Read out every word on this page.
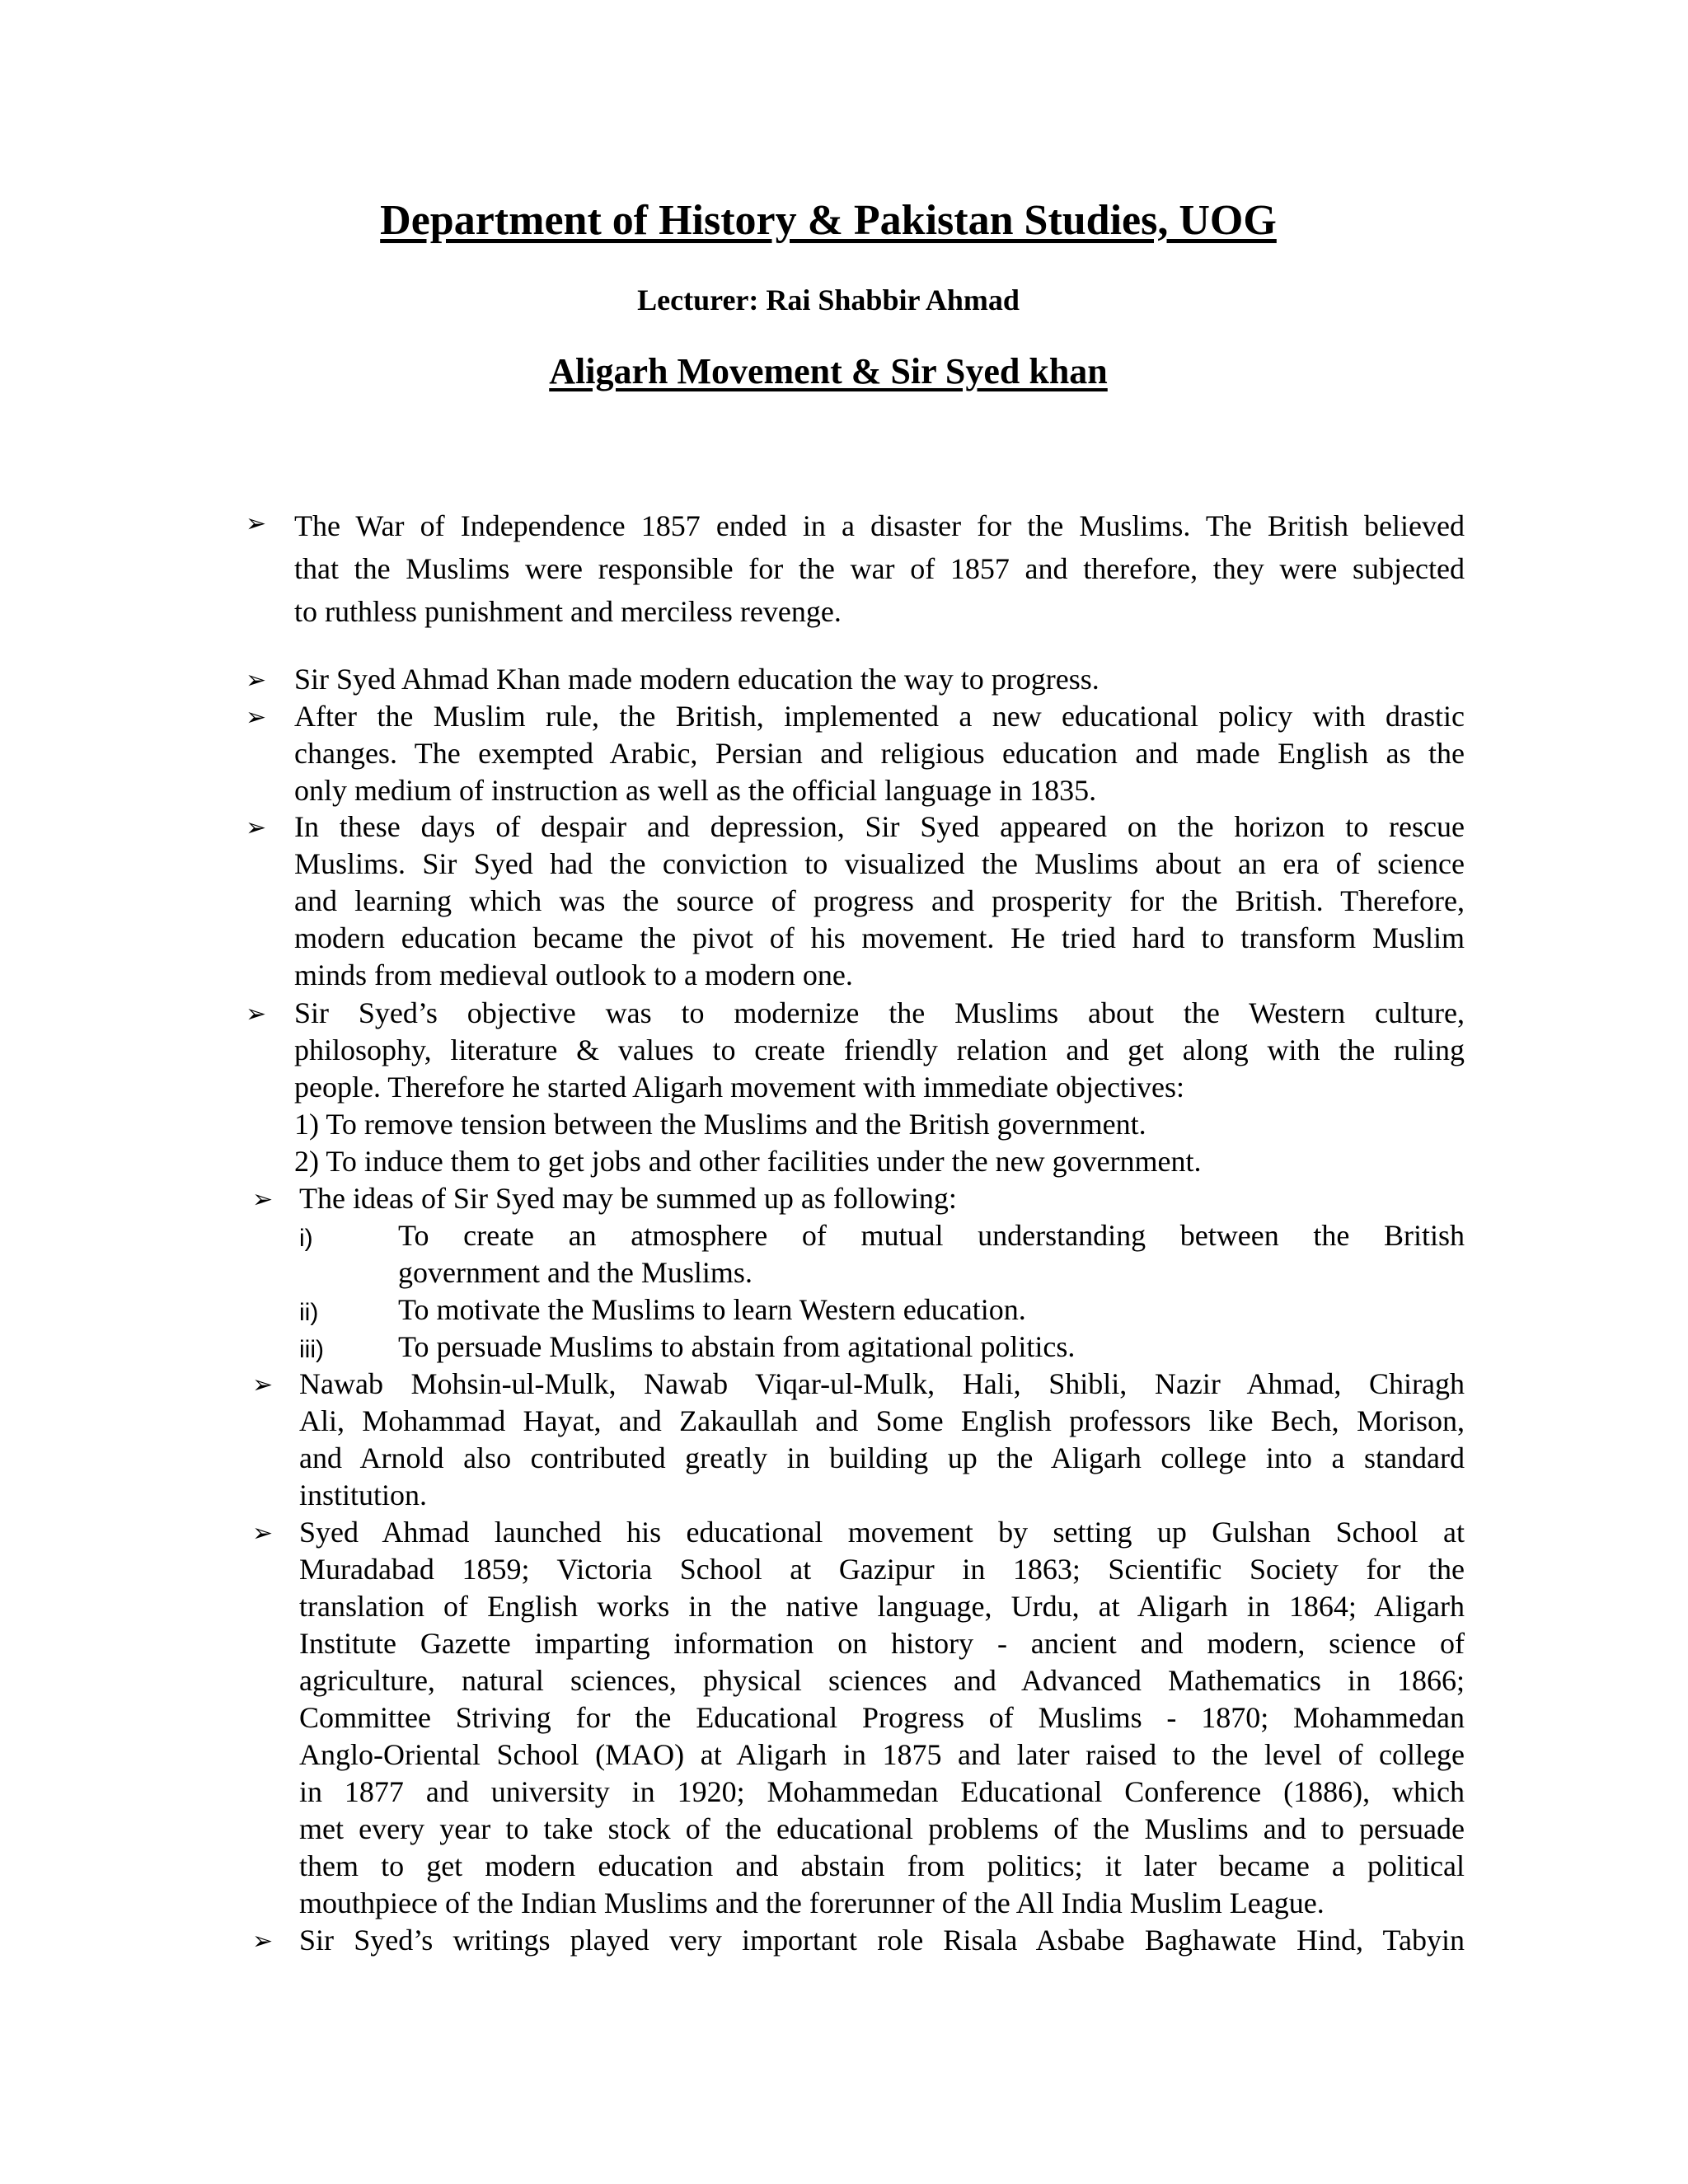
Department of History & Pakistan Studies, UOG
Lecturer: Rai Shabbir Ahmad
Aligarh Movement & Sir Syed khan
➢ The War of Independence 1857 ended in a disaster for the Muslims. The British believed
that the Muslims were responsible for the war of 1857 and therefore, they were subjected
to ruthless punishment and merciless revenge.
➢ Sir Syed Ahmad Khan made modern education the way to progress.
➢ After the Muslim rule, the British, implemented a new educational policy with drastic
changes. The exempted Arabic, Persian and religious education and made English as the
only medium of instruction as well as the official language in 1835.
➢ In these days of despair and depression, Sir Syed appeared on the horizon to rescue
Muslims. Sir Syed had the conviction to visualized the Muslims about an era of science
and learning which was the source of progress and prosperity for the British. Therefore,
modern education became the pivot of his movement. He tried hard to transform Muslim
minds from medieval outlook to a modern one.
➢ Sir Syed’s objective was to modernize the Muslims about the Western culture,
philosophy, literature & values to create friendly relation and get along with the ruling
people. Therefore he started Aligarh movement with immediate objectives:
1) To remove tension between the Muslims and the British government.
2) To induce them to get jobs and other facilities under the new government.
➢ The ideas of Sir Syed may be summed up as following:
i)	To create an atmosphere of mutual understanding between the British
government and the Muslims.
ii)	To motivate the Muslims to learn Western education.
iii)	To persuade Muslims to abstain from agitational politics.
➢ Nawab Mohsin-ul-Mulk, Nawab Viqar-ul-Mulk, Hali, Shibli, Nazir Ahmad, Chiragh
Ali, Mohammad Hayat, and Zakaullah and Some English professors like Bech, Morison,
and Arnold also contributed greatly in building up the Aligarh college into a standard
institution.
➢ Syed Ahmad launched his educational movement by setting up Gulshan School at
Muradabad 1859; Victoria School at Gazipur in 1863; Scientific Society for the
translation of English works in the native language, Urdu, at Aligarh in 1864; Aligarh
Institute Gazette imparting information on history - ancient and modern, science of
agriculture, natural sciences, physical sciences and Advanced Mathematics in 1866;
Committee Striving for the Educational Progress of Muslims - 1870; Mohammedan
Anglo-Oriental School (MAO) at Aligarh in 1875 and later raised to the level of college
in 1877 and university in 1920; Mohammedan Educational Conference (1886), which
met every year to take stock of the educational problems of the Muslims and to persuade
them to get modern education and abstain from politics; it later became a political
mouthpiece of the Indian Muslims and the forerunner of the All India Muslim League.
➢ Sir Syed’s writings played very important role Risala Asbabe Baghawate Hind, Tabyin
